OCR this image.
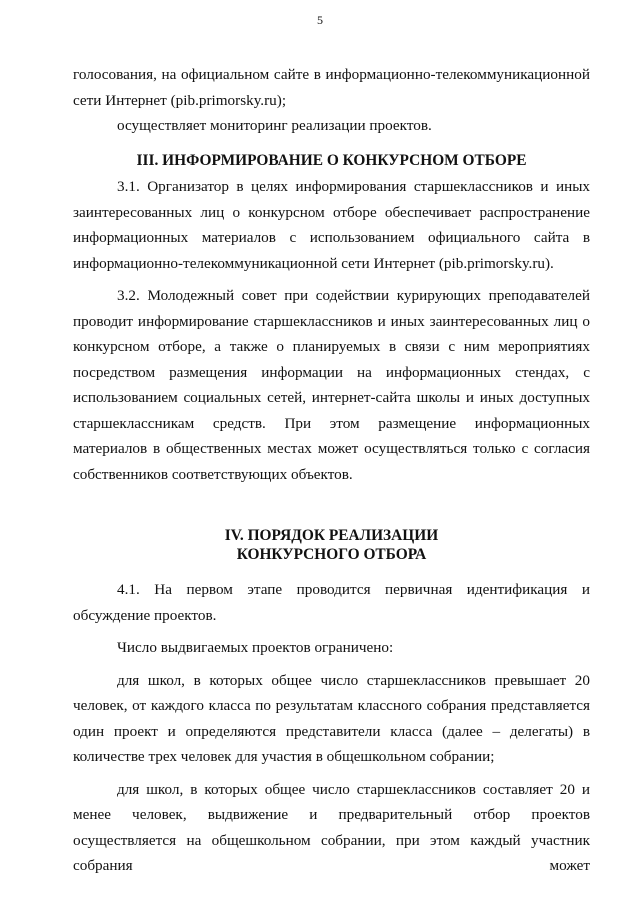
5

голосования, на официальном сайте в информационно-телекоммуникационной сети Интернет (pib.primorsky.ru);

осуществляет мониторинг реализации проектов.

III. ИНФОРМИРОВАНИЕ О КОНКУРСНОМ ОТБОРЕ

3.1. Организатор в целях информирования старшеклассников и иных заинтересованных лиц о конкурсном отборе обеспечивает распространение информационных материалов с использованием официального сайта в информационно-телекоммуникационной сети Интернет (pib.primorsky.ru).

3.2. Молодежный совет при содействии курирующих преподавателей проводит информирование старшеклассников и иных заинтересованных лиц о конкурсном отборе, а также о планируемых в связи с ним мероприятиях посредством размещения информации на информационных стендах, с использованием социальных сетей, интернет-сайта школы и иных доступных старшеклассникам средств. При этом размещение информационных материалов в общественных местах может осуществляться только с согласия собственников соответствующих объектов.

IV. ПОРЯДОК РЕАЛИЗАЦИИ
КОНКУРСНОГО ОТБОРА

4.1. На первом этапе проводится первичная идентификация и обсуждение проектов.

Число выдвигаемых проектов ограничено:

для школ, в которых общее число старшеклассников превышает 20 человек, от каждого класса по результатам классного собрания представляется один проект и определяются представители класса (далее – делегаты) в количестве трех человек для участия в общешкольном собрании;

для школ, в которых общее число старшеклассников составляет 20 и менее человек, выдвижение и предварительный отбор проектов осуществляется на общешкольном собрании, при этом каждый участник собрания может
